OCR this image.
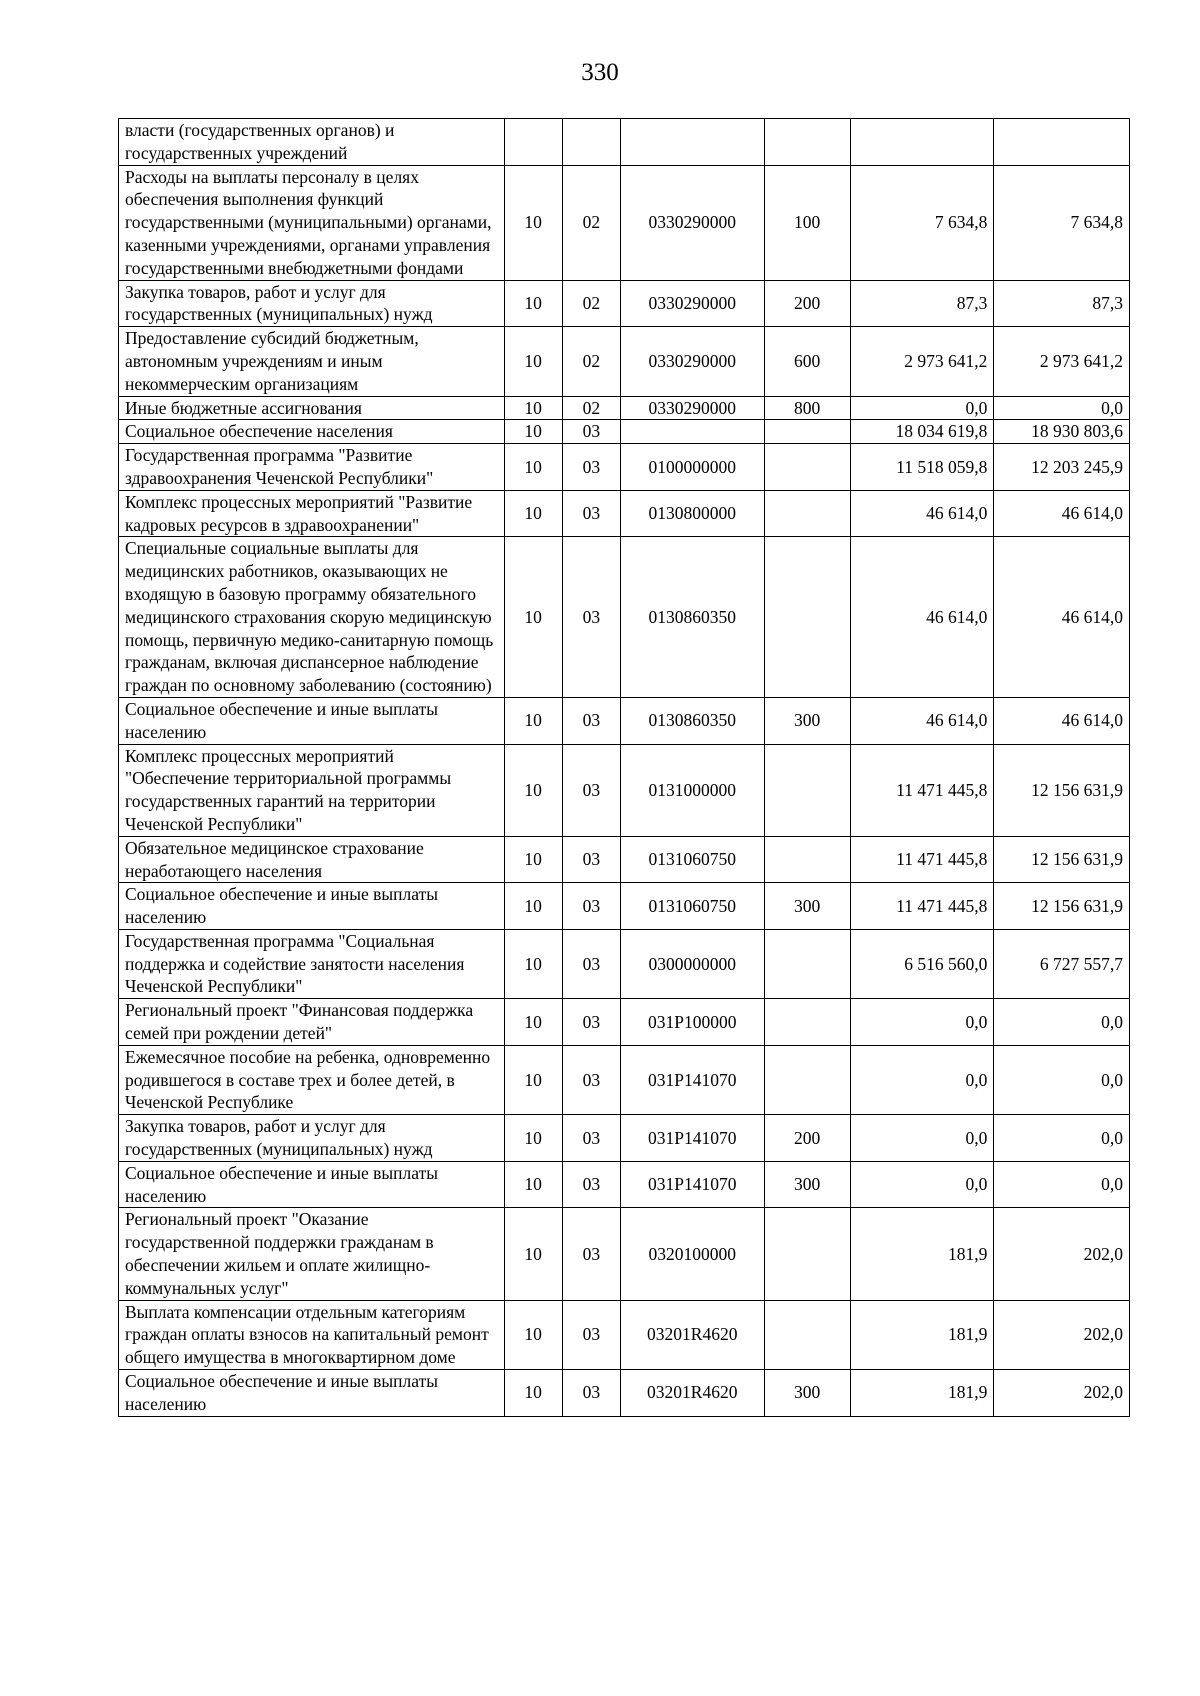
330
власти (государственных органов) и государственных учреждений						
Расходы на выплаты персоналу в целях обеспечения выполнения функций государственными (муниципальными) органами, казенными учреждениями, органами управления государственными внебюджетными фондами	10	02	0330290000	100	7 634,8	7 634,8
Закупка товаров, работ и услуг для государственных (муниципальных) нужд	10	02	0330290000	200	87,3	87,3
Предоставление субсидий бюджетным, автономным учреждениям и иным некоммерческим организациям	10	02	0330290000	600	2 973 641,2	2 973 641,2
Иные бюджетные ассигнования	10	02	0330290000	800	0,0	0,0
Социальное обеспечение населения	10	03			18 034 619,8	18 930 803,6
Государственная программа "Развитие здравоохранения Чеченской Республики"	10	03	0100000000		11 518 059,8	12 203 245,9
Комплекс процессных мероприятий "Развитие кадровых ресурсов в здравоохранении"	10	03	0130800000		46 614,0	46 614,0
Специальные социальные выплаты для медицинских работников, оказывающих не входящую в базовую программу обязательного медицинского страхования скорую медицинскую помощь, первичную медико-санитарную помощь гражданам, включая диспансерное наблюдение граждан по основному заболеванию (состоянию)	10	03	0130860350		46 614,0	46 614,0
Социальное обеспечение и иные выплаты населению	10	03	0130860350	300	46 614,0	46 614,0
Комплекс процессных мероприятий "Обеспечение территориальной программы государственных гарантий на территории Чеченской Республики"	10	03	0131000000		11 471 445,8	12 156 631,9
Обязательное медицинское страхование неработающего населения	10	03	0131060750		11 471 445,8	12 156 631,9
Социальное обеспечение и иные выплаты населению	10	03	0131060750	300	11 471 445,8	12 156 631,9
Государственная программа "Социальная поддержка и содействие занятости населения Чеченской Республики"	10	03	0300000000		6 516 560,0	6 727 557,7
Региональный проект "Финансовая поддержка семей при рождении детей"	10	03	031P100000		0,0	0,0
Ежемесячное пособие на ребенка, одновременно родившегося в составе трех и более детей, в Чеченской Республике	10	03	031P141070		0,0	0,0
Закупка товаров, работ и услуг для государственных (муниципальных) нужд	10	03	031P141070	200	0,0	0,0
Социальное обеспечение и иные выплаты населению	10	03	031P141070	300	0,0	0,0
Региональный проект "Оказание государственной поддержки гражданам в обеспечении жильем и оплате жилищно-коммунальных услуг"	10	03	0320100000		181,9	202,0
Выплата компенсации отдельным категориям граждан оплаты взносов на капитальный ремонт общего имущества в многоквартирном доме	10	03	03201R4620		181,9	202,0
Социальное обеспечение и иные выплаты населению	10	03	03201R4620	300	181,9	202,0
